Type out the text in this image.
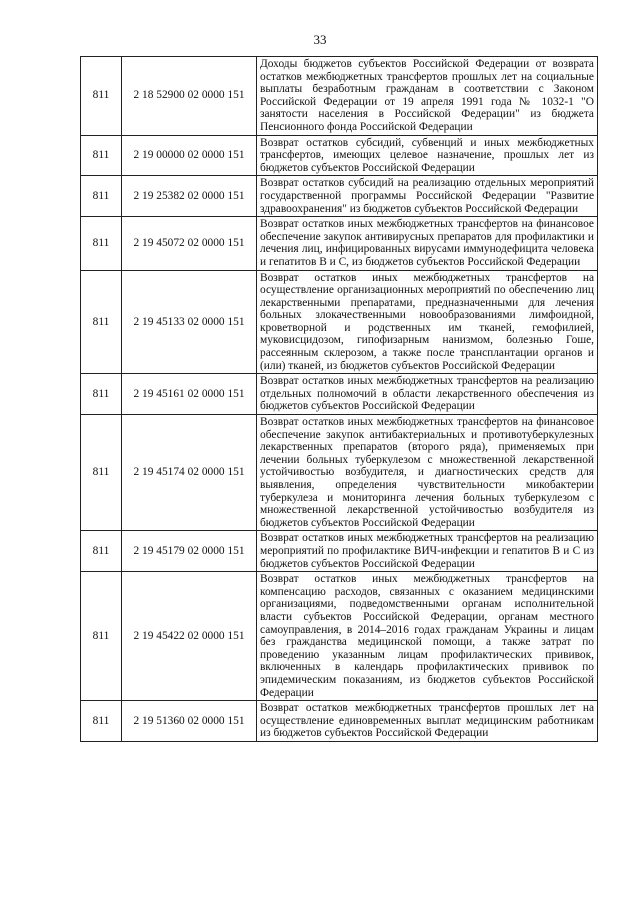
33
811	2 18 52900 02 0000 151	Доходы бюджетов субъектов Российской Федерации от возврата остатков межбюджетных трансфертов прошлых лет на социальные выплаты безработным гражданам в соответствии с Законом Российской Федерации от 19 апреля 1991 года № 1032-1 "О занятости населения в Российской Федерации" из бюджета Пенсионного фонда Российской Федерации
811	2 19 00000 02 0000 151	Возврат остатков субсидий, субвенций и иных межбюджетных трансфертов, имеющих целевое назначение, прошлых лет из бюджетов субъектов Российской Федерации
811	2 19 25382 02 0000 151	Возврат остатков субсидий на реализацию отдельных мероприятий государственной программы Российской Федерации "Развитие здравоохранения" из бюджетов субъектов Российской Федерации
811	2 19 45072 02 0000 151	Возврат остатков иных межбюджетных трансфертов на финансовое обеспечение закупок антивирусных препаратов для профилактики и лечения лиц, инфицированных вирусами иммунодефицита человека и гепатитов В и С, из бюджетов субъектов Российской Федерации
811	2 19 45133 02 0000 151	Возврат остатков иных межбюджетных трансфертов на осуществление организационных мероприятий по обеспечению лиц лекарственными препаратами, предназначенными для лечения больных злокачественными новообразованиями лимфоидной, кроветворной и родственных им тканей, гемофилией, муковисцидозом, гипофизарным нанизмом, болезнью Гоше, рассеянным склерозом, а также после трансплантации органов и (или) тканей, из бюджетов субъектов Российской Федерации
811	2 19 45161 02 0000 151	Возврат остатков иных межбюджетных трансфертов на реализацию отдельных полномочий в области лекарственного обеспечения из бюджетов субъектов Российской Федерации
811	2 19 45174 02 0000 151	Возврат остатков иных межбюджетных трансфертов на финансовое обеспечение закупок антибактериальных и противотуберкулезных лекарственных препаратов (второго ряда), применяемых при лечении больных туберкулезом с множественной лекарственной устойчивостью возбудителя, и диагностических средств для выявления, определения чувствительности микобактерии туберкулеза и мониторинга лечения больных туберкулезом с множественной лекарственной устойчивостью возбудителя из бюджетов субъектов Российской Федерации
811	2 19 45179 02 0000 151	Возврат остатков иных межбюджетных трансфертов на реализацию мероприятий по профилактике ВИЧ-инфекции и гепатитов В и С из бюджетов субъектов Российской Федерации
811	2 19 45422 02 0000 151	Возврат остатков иных межбюджетных трансфертов на компенсацию расходов, связанных с оказанием медицинскими организациями, подведомственными органам исполнительной власти субъектов Российской Федерации, органам местного самоуправления, в 2014–2016 годах гражданам Украины и лицам без гражданства медицинской помощи, а также затрат по проведению указанным лицам профилактических прививок, включенных в календарь профилактических прививок по эпидемическим показаниям, из бюджетов субъектов Российской Федерации
811	2 19 51360 02 0000 151	Возврат остатков межбюджетных трансфертов прошлых лет на осуществление единовременных выплат медицинским работникам из бюджетов субъектов Российской Федерации
